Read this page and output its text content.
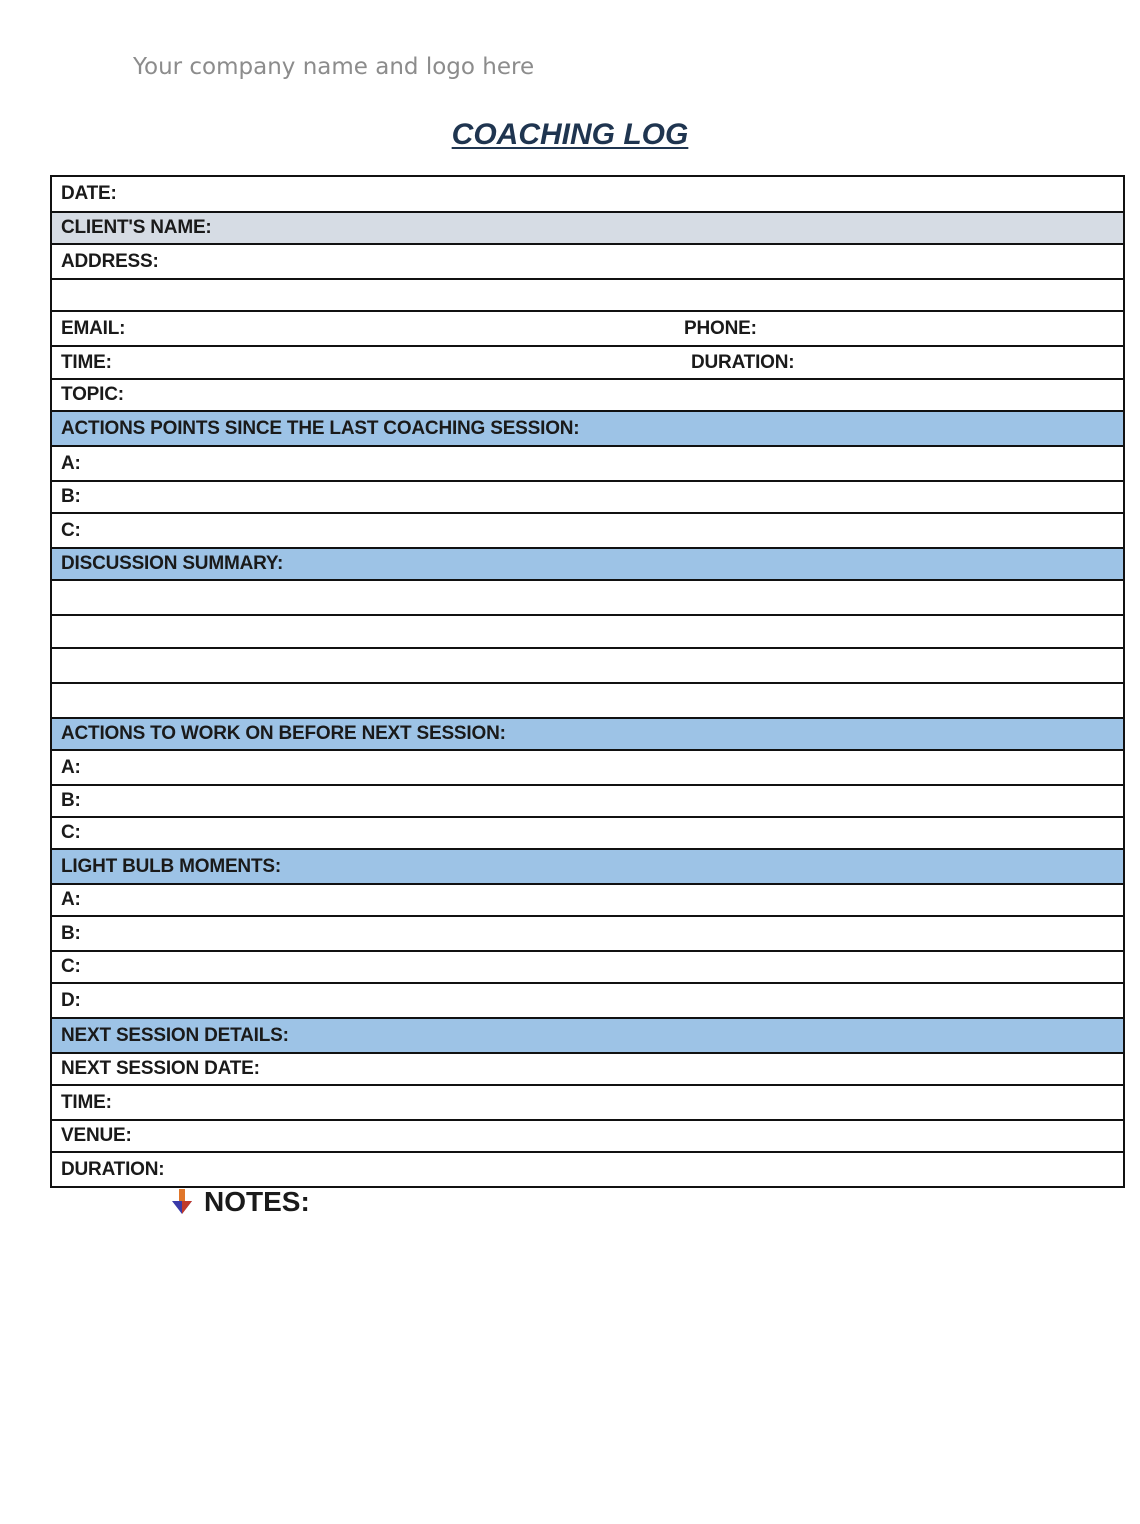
Your company name and logo here
COACHING LOG
DATE:
CLIENT'S NAME:
ADDRESS:
EMAIL:	PHONE:
TIME:	DURATION:
TOPIC:
ACTIONS POINTS SINCE THE LAST COACHING SESSION:
A:
B:
C:
DISCUSSION SUMMARY:
ACTIONS TO WORK ON BEFORE NEXT SESSION:
A:
B:
C:
LIGHT BULB MOMENTS:
A:
B:
C:
D:
NEXT SESSION DETAILS:
NEXT SESSION DATE:
TIME:
VENUE:
DURATION:
NOTES:
